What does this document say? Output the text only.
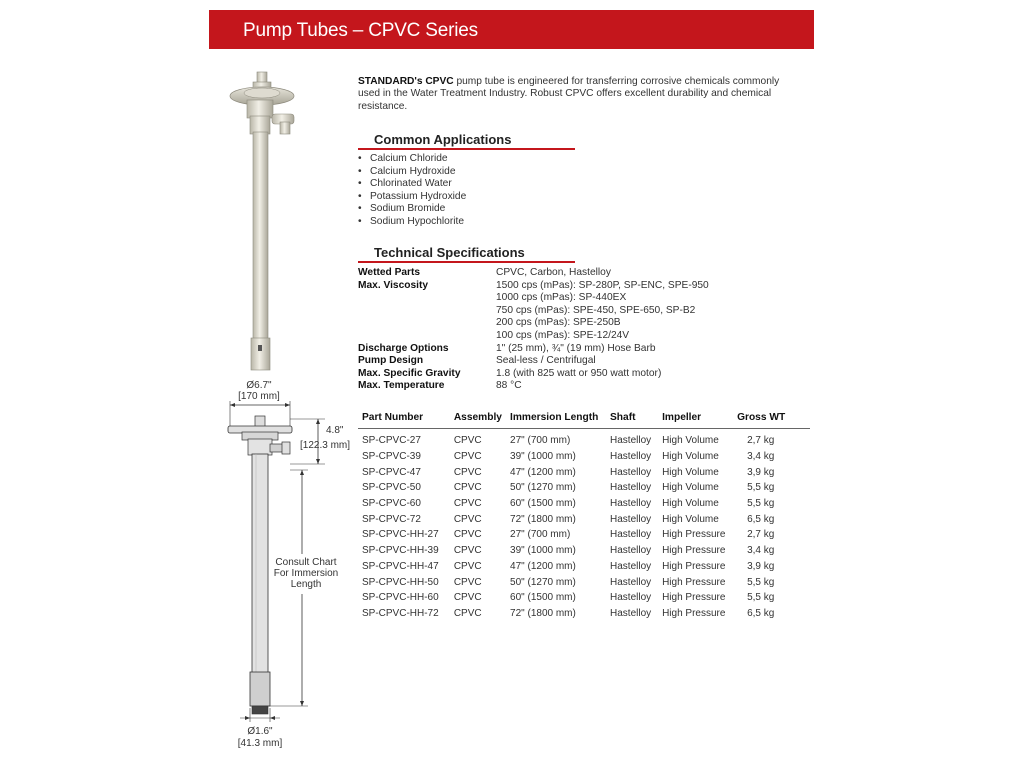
Pump Tubes – CPVC Series
Ø6.7"
[170 mm]
4.8"
[122.3 mm]
Consult Chart
For Immersion
Length
Ø1.6"
[41.3 mm]
STANDARD's CPVC pump tube is engineered for transferring corrosive chemicals commonly used in the Water Treatment Industry. Robust CPVC offers excellent durability and chemical resistance.
Common Applications
• Calcium Chloride
• Calcium Hydroxide
• Chlorinated Water
• Potassium Hydroxide
• Sodium Bromide
• Sodium Hypochlorite
Technical Specifications
Wetted Parts	CPVC, Carbon, Hastelloy
Max. Viscosity	1500 cps (mPas): SP-280P, SP-ENC, SPE-950
1000 cps (mPas): SP-440EX
750 cps (mPas): SPE-450, SPE-650, SP-B2
200 cps (mPas): SPE-250B
100 cps (mPas): SPE-12/24V
Discharge Options	1" (25 mm), ¾" (19 mm) Hose Barb
Pump Design	Seal-less / Centrifugal
Max. Specific Gravity	1.8 (with 825 watt or 950 watt motor)
Max. Temperature	88 °C
Part Number	Assembly	Immersion Length	Shaft	Impeller	Gross WT
SP-CPVC-27	CPVC	27" (700 mm)	Hastelloy	High Volume	2,7 kg
SP-CPVC-39	CPVC	39" (1000 mm)	Hastelloy	High Volume	3,4 kg
SP-CPVC-47	CPVC	47" (1200 mm)	Hastelloy	High Volume	3,9 kg
SP-CPVC-50	CPVC	50" (1270 mm)	Hastelloy	High Volume	5,5 kg
SP-CPVC-60	CPVC	60" (1500 mm)	Hastelloy	High Volume	5,5 kg
SP-CPVC-72	CPVC	72" (1800 mm)	Hastelloy	High Volume	6,5 kg
SP-CPVC-HH-27	CPVC	27" (700 mm)	Hastelloy	High Pressure	2,7 kg
SP-CPVC-HH-39	CPVC	39" (1000 mm)	Hastelloy	High Pressure	3,4 kg
SP-CPVC-HH-47	CPVC	47" (1200 mm)	Hastelloy	High Pressure	3,9 kg
SP-CPVC-HH-50	CPVC	50" (1270 mm)	Hastelloy	High Pressure	5,5 kg
SP-CPVC-HH-60	CPVC	60" (1500 mm)	Hastelloy	High Pressure	5,5 kg
SP-CPVC-HH-72	CPVC	72" (1800 mm)	Hastelloy	High Pressure	6,5 kg
